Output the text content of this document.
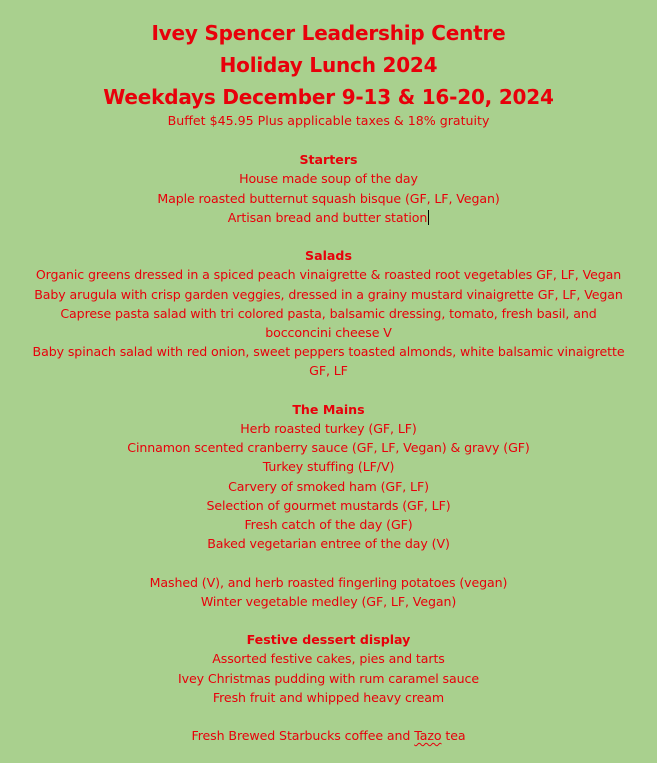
Ivey Spencer Leadership Centre
Holiday Lunch 2024
Weekdays December 9-13 & 16-20, 2024
Buffet $45.95 Plus applicable taxes & 18% gratuity
Starters
House made soup of the day
Maple roasted butternut squash bisque (GF, LF, Vegan)
Artisan bread and butter station
Salads
Organic greens dressed in a spiced peach vinaigrette & roasted root vegetables GF, LF, Vegan
Baby arugula with crisp garden veggies, dressed in a grainy mustard vinaigrette GF, LF, Vegan
Caprese pasta salad with tri colored pasta, balsamic dressing, tomato, fresh basil, and
bocconcini cheese V
Baby spinach salad with red onion, sweet peppers toasted almonds, white balsamic vinaigrette
GF, LF
The Mains
Herb roasted turkey (GF, LF)
Cinnamon scented cranberry sauce (GF, LF, Vegan) & gravy (GF)
Turkey stuffing (LF/V)
Carvery of smoked ham (GF, LF)
Selection of gourmet mustards (GF, LF)
Fresh catch of the day (GF)
Baked vegetarian entree of the day (V)
Mashed (V), and herb roasted fingerling potatoes (vegan)
Winter vegetable medley (GF, LF, Vegan)
Festive dessert display
Assorted festive cakes, pies and tarts
Ivey Christmas pudding with rum caramel sauce
Fresh fruit and whipped heavy cream
Fresh Brewed Starbucks coffee and Tazo tea
